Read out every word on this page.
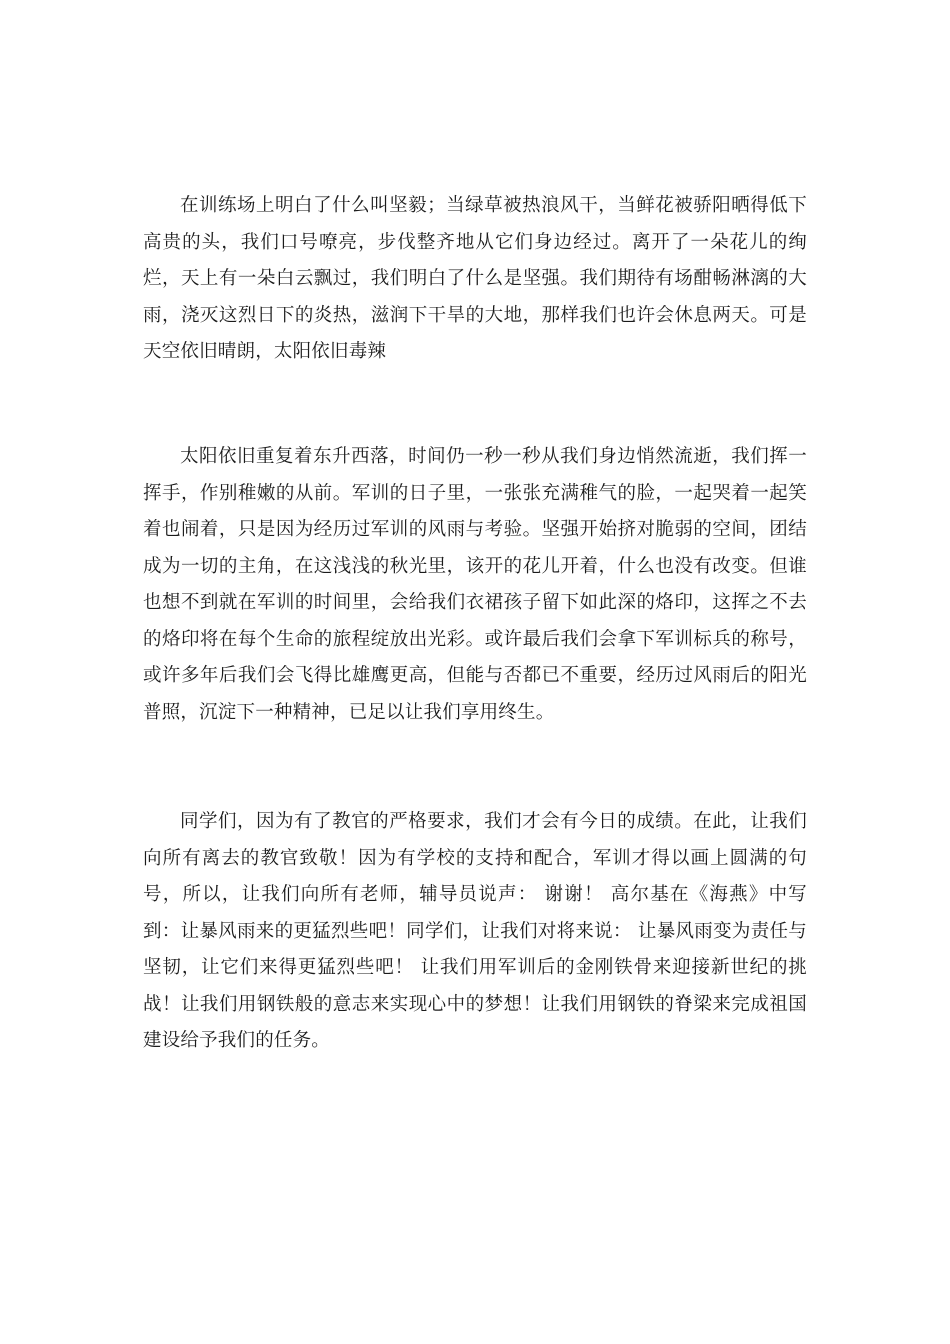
在训练场上明白了什么叫坚毅；当绿草被热浪风干，当鲜花被骄阳晒得低下高贵的头，我们口号嘹亮，步伐整齐地从它们身边经过。离开了一朵花儿的绚烂，天上有一朵白云飘过，我们明白了什么是坚强。我们期待有场酣畅淋漓的大雨，浇灭这烈日下的炎热，滋润下干旱的大地，那样我们也许会休息两天。可是天空依旧晴朗，太阳依旧毒辣

太阳依旧重复着东升西落，时间仍一秒一秒从我们身边悄然流逝，我们挥一挥手，作别稚嫩的从前。军训的日子里，一张张充满稚气的脸，一起哭着一起笑着也闹着，只是因为经历过军训的风雨与考验。坚强开始挤对脆弱的空间，团结成为一切的主角，在这浅浅的秋光里，该开的花儿开着，什么也没有改变。但谁也想不到就在军训的时间里，会给我们衣裙孩子留下如此深的烙印，这挥之不去的烙印将在每个生命的旅程绽放出光彩。或许最后我们会拿下军训标兵的称号，或许多年后我们会飞得比雄鹰更高，但能与否都已不重要，经历过风雨后的阳光普照，沉淀下一种精神，已足以让我们享用终生。

同学们，因为有了教官的严格要求，我们才会有今日的成绩。在此，让我们向所有离去的教官致敬！因为有学校的支持和配合，军训才得以画上圆满的句号，所以，让我们向所有老师，辅导员说声： 谢谢！ 高尔基在《海燕》中写到：让暴风雨来的更猛烈些吧！同学们，让我们对将来说： 让暴风雨变为责任与坚韧，让它们来得更猛烈些吧！ 让我们用军训后的金刚铁骨来迎接新世纪的挑战！让我们用钢铁般的意志来实现心中的梦想！让我们用钢铁的脊梁来完成祖国建设给予我们的任务。
